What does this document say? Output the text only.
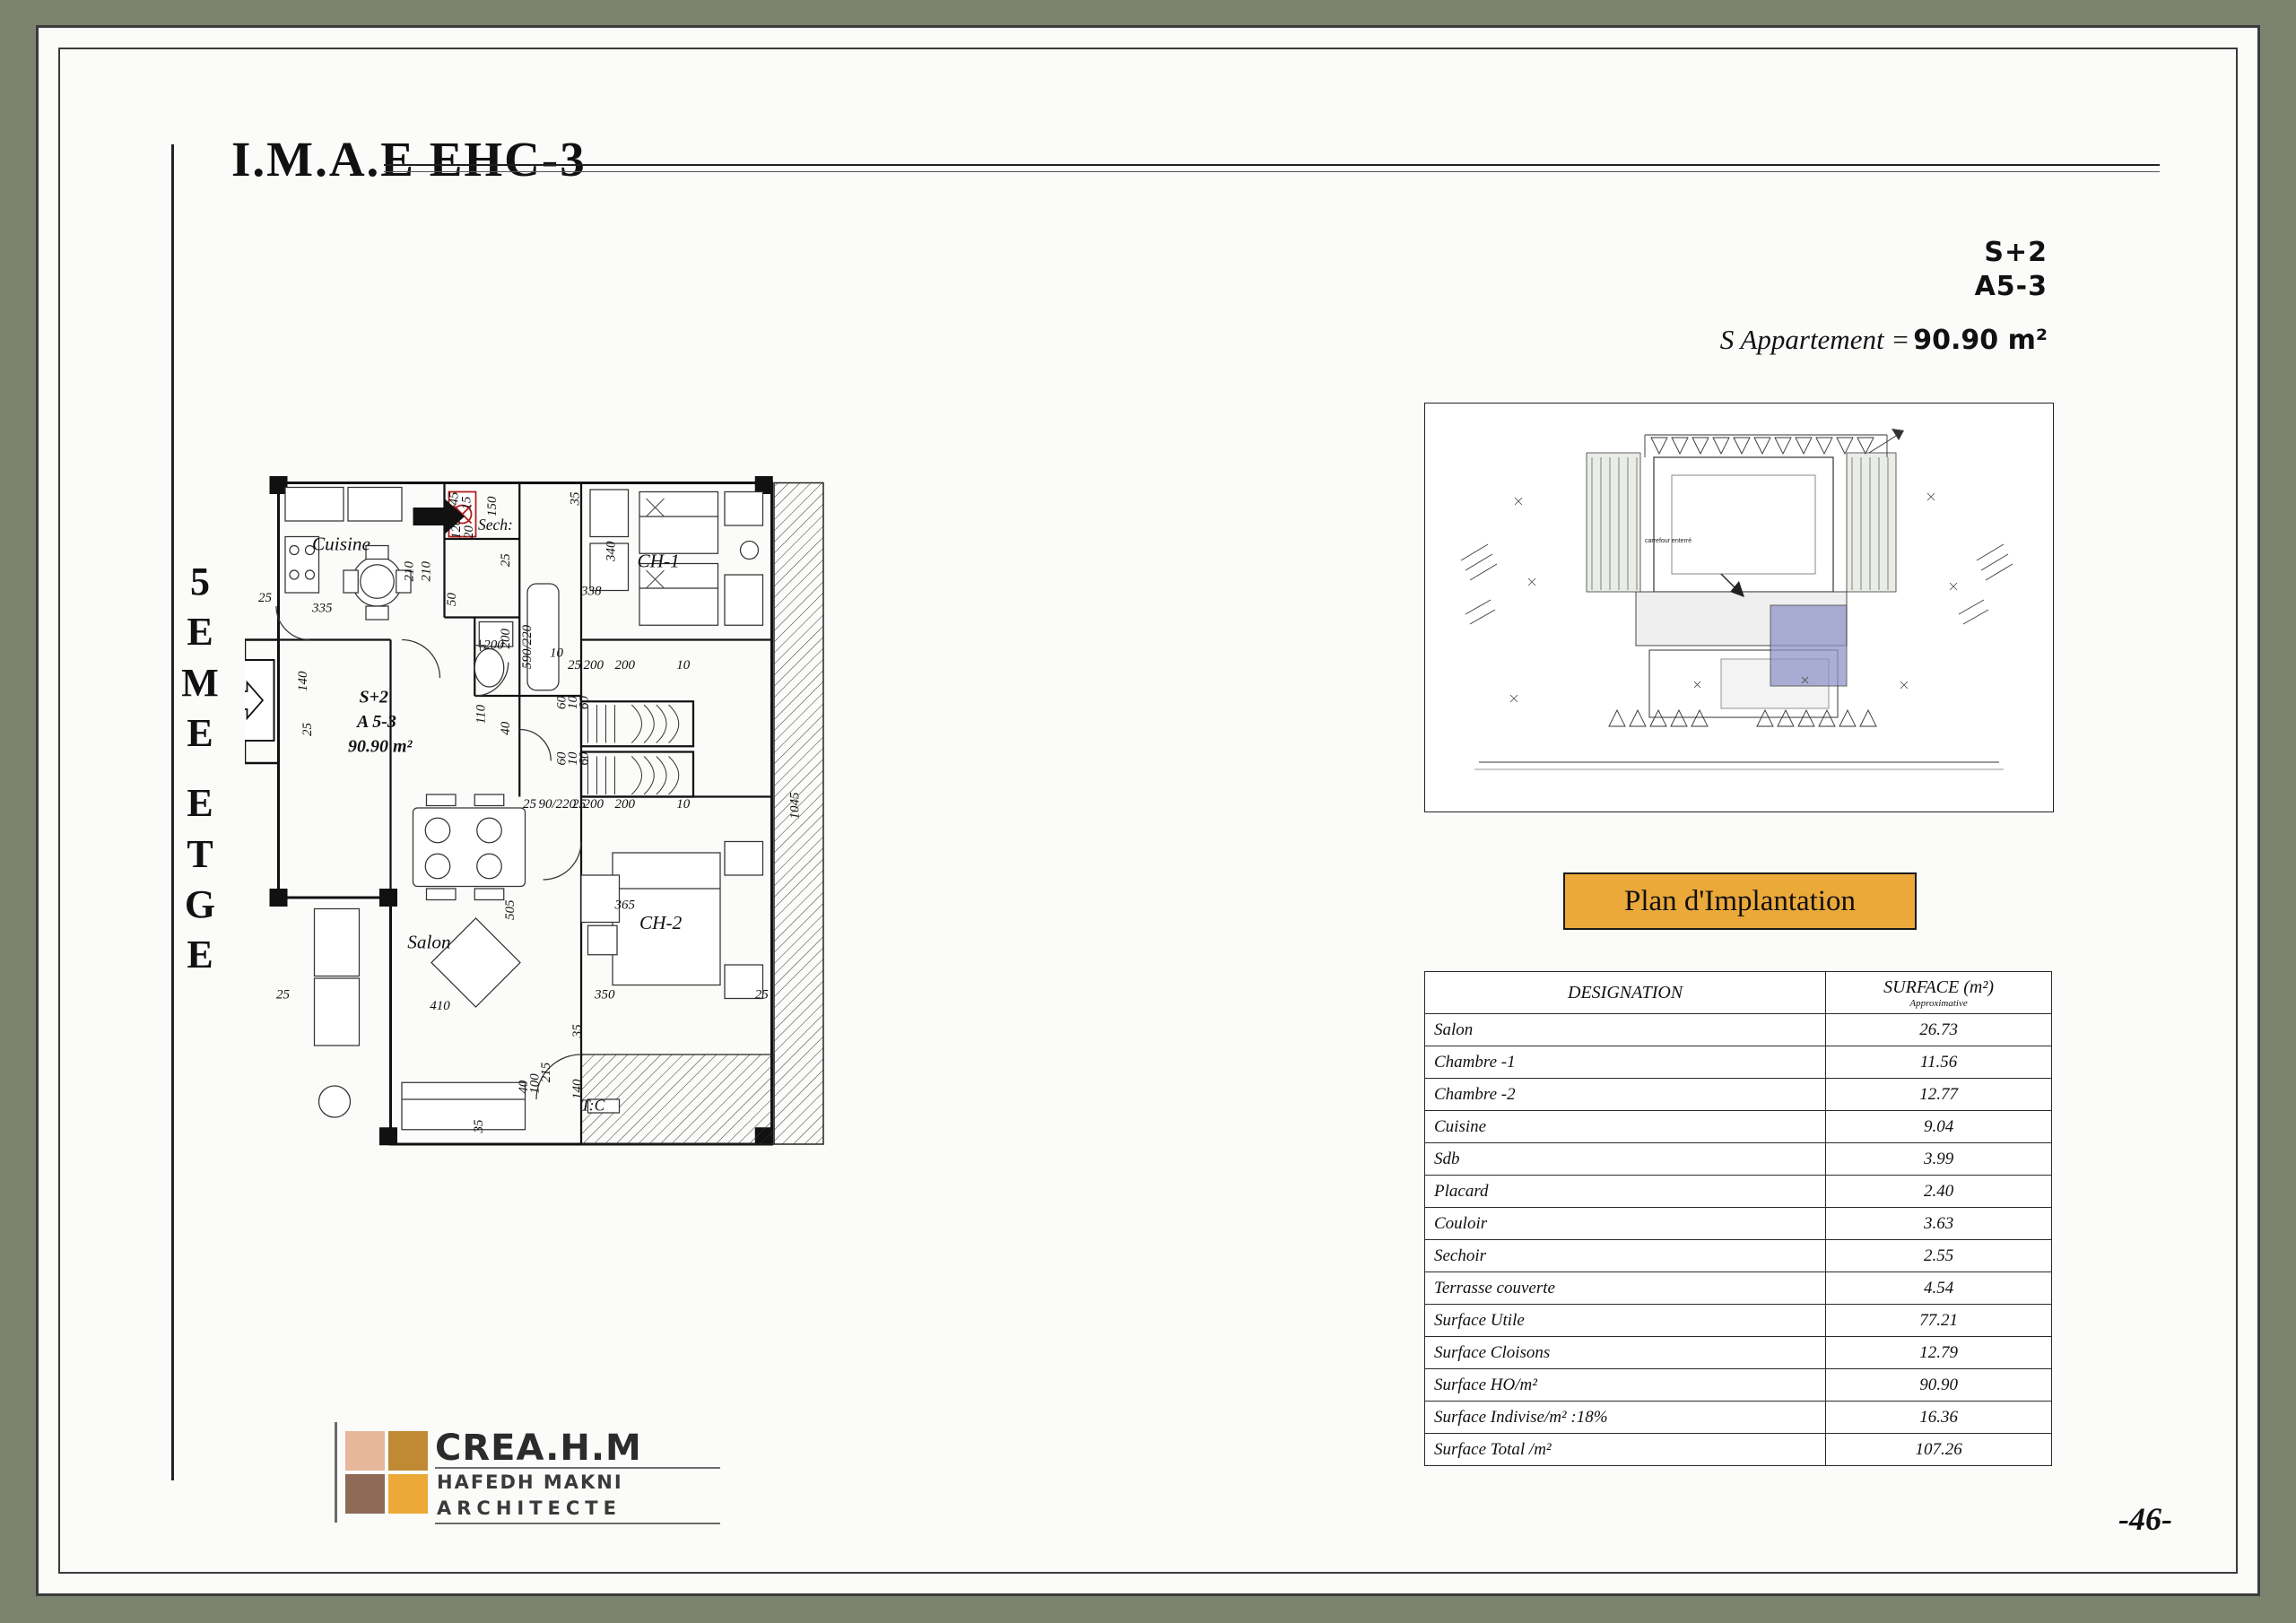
I.M.A.E EHC-3
5
E
M
E
E
T
G
E
S+2
A5-3
S Appartement = 90.90 m²
carrefour enterré
Plan d'Implantation
DESIGNATION	SURFACE (m²)
Approximative

Salon	26.73
Chambre -1	11.56
Chambre -2	12.77
Cuisine	9.04
Sdb	3.99
Placard	2.40
Couloir	3.63
Sechoir	2.55
Terrasse couverte	4.54
Surface Utile	77.21
Surface Cloisons	12.79
Surface HO/m²	90.90
Surface Indivise/m² :18%	16.36
Surface Total /m²	107.26
CREA.H.M
HAFEDH MAKNI
ARCHITECTE	-46-
25
335
210 210
45
15
120
20
150
25
50
200
200
10
35
340
338
590/220	25 200 200	10
140
25
110
40
60
10
60
60
10
60
25 90/220
25
200 200	10	1045
365
505
410
350
25	25
35
40
100
215
140
35
Cuisine
Sech:
CH-1
Salon
CH-2
T:C
S+2
A 5-3
90.90 m²
